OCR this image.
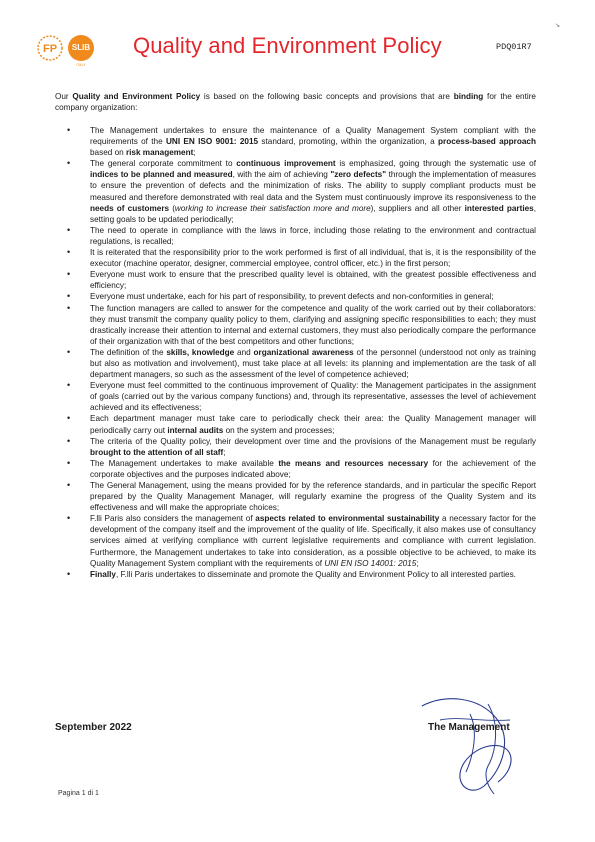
FP SLIB
ITALY
Quality and Environment Policy	PDQ01R7
↘
Our Quality and Environment Policy is based on the following basic concepts and provisions that are binding for the entire company organization:
• The Management undertakes to ensure the maintenance of a Quality Management System compliant with the requirements of the UNI EN ISO 9001: 2015 standard, promoting, within the organization, a process-based approach based on risk management;
• The general corporate commitment to continuous improvement is emphasized, going through the systematic use of indices to be planned and measured, with the aim of achieving "zero defects" through the implementation of measures to ensure the prevention of defects and the minimization of risks. The ability to supply compliant products must be measured and therefore demonstrated with real data and the System must continuously improve its responsiveness to the needs of customers (working to increase their satisfaction more and more), suppliers and all other interested parties, setting goals to be updated periodically;
• The need to operate in compliance with the laws in force, including those relating to the environment and contractual regulations, is recalled;
• It is reiterated that the responsibility prior to the work performed is first of all individual, that is, it is the responsibility of the executor (machine operator, designer, commercial employee, control officer, etc.) in the first person;
• Everyone must work to ensure that the prescribed quality level is obtained, with the greatest possible effectiveness and efficiency;
• Everyone must undertake, each for his part of responsibility, to prevent defects and non-conformities in general;
• The function managers are called to answer for the competence and quality of the work carried out by their collaborators: they must transmit the company quality policy to them, clarifying and assigning specific responsibilities to each; they must drastically increase their attention to internal and external customers, they must also periodically compare the performance of their organization with that of the best competitors and other functions;
• The definition of the skills, knowledge and organizational awareness of the personnel (understood not only as training but also as motivation and involvement), must take place at all levels: its planning and implementation are the task of all department managers, so such as the assessment of the level of competence achieved;
• Everyone must feel committed to the continuous improvement of Quality: the Management participates in the assignment of goals (carried out by the various company functions) and, through its representative, assesses the level of achievement achieved and its effectiveness;
• Each department manager must take care to periodically check their area: the Quality Management manager will periodically carry out internal audits on the system and processes;
• The criteria of the Quality policy, their development over time and the provisions of the Management must be regularly brought to the attention of all staff;
• The Management undertakes to make available the means and resources necessary for the achievement of the corporate objectives and the purposes indicated above;
• The General Management, using the means provided for by the reference standards, and in particular the specific Report prepared by the Quality Management Manager, will regularly examine the progress of the Quality System and its effectiveness and will make the appropriate choices;
• F.lli Paris also considers the management of aspects related to environmental sustainability a necessary factor for the development of the company itself and the improvement of the quality of life. Specifically, it also makes use of consultancy services aimed at verifying compliance with current legislative requirements and compliance with current legislation. Furthermore, the Management undertakes to take into consideration, as a possible objective to be achieved, to make its Quality Management System compliant with the requirements of UNI EN ISO 14001: 2015;
• Finally, F.lli Paris undertakes to disseminate and promote the Quality and Environment Policy to all interested parties.
September 2022	The Management
Pagina 1 di 1
